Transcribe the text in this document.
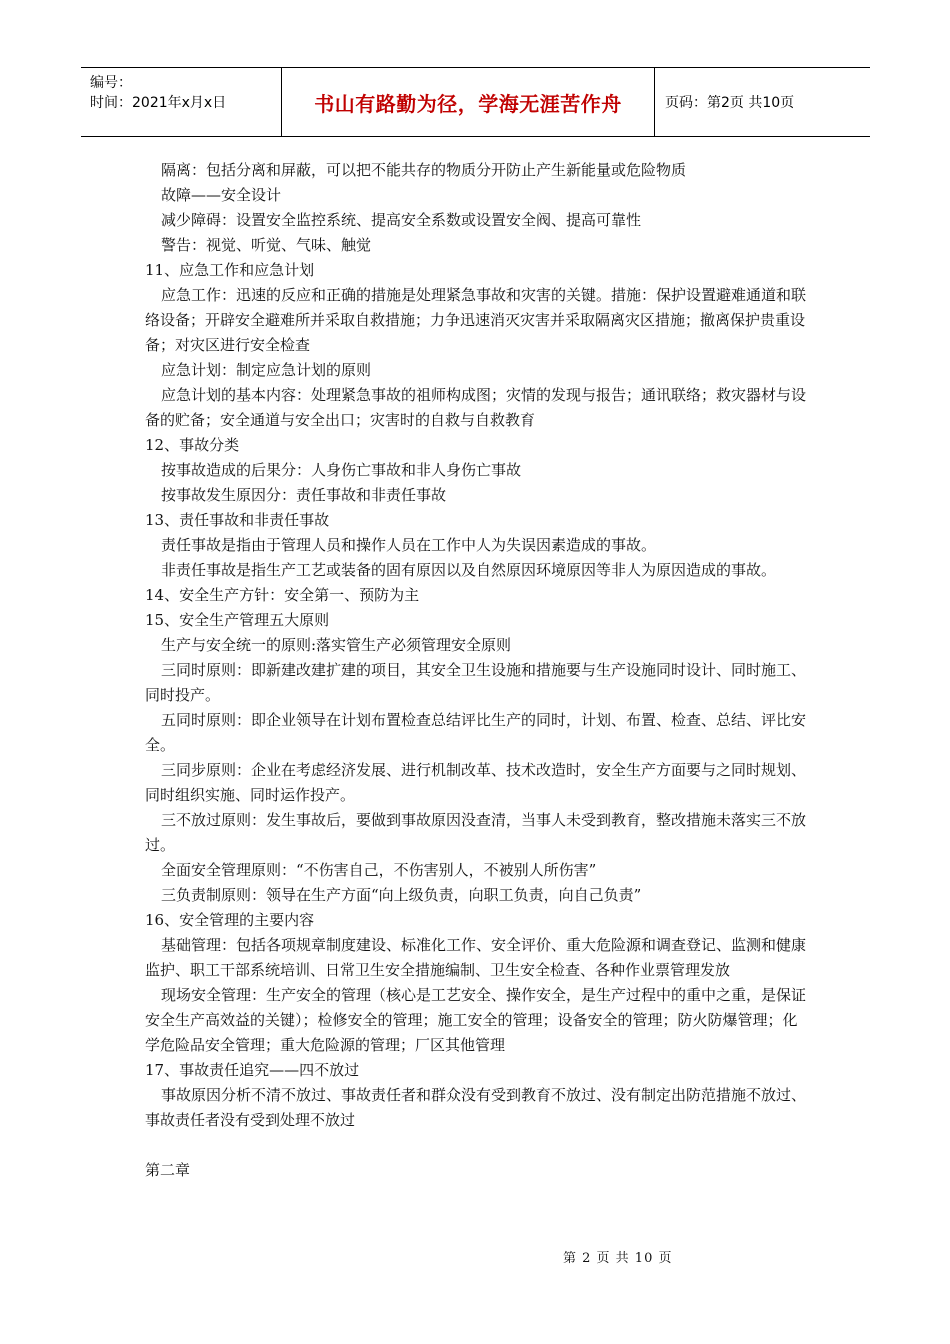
编号：
时间：2021年x月x日	书山有路勤为径，学海无涯苦作舟	页码：第2页 共10页

隔离：包括分离和屏蔽，可以把不能共存的物质分开防止产生新能量或危险物质

故障——安全设计

减少障碍：设置安全监控系统、提高安全系数或设置安全阀、提高可靠性

警告：视觉、听觉、气味、触觉

11、应急工作和应急计划

应急工作：迅速的反应和正确的措施是处理紧急事故和灾害的关键。措施：保护设置避难通道和联络设备；开辟安全避难所并采取自救措施；力争迅速消灭灾害并采取隔离灾区措施；撤离保护贵重设备；对灾区进行安全检查

应急计划：制定应急计划的原则

应急计划的基本内容：处理紧急事故的祖师构成图；灾情的发现与报告；通讯联络；救灾器材与设备的贮备；安全通道与安全出口；灾害时的自救与自救教育

12、事故分类

按事故造成的后果分：人身伤亡事故和非人身伤亡事故

按事故发生原因分：责任事故和非责任事故

13、责任事故和非责任事故

责任事故是指由于管理人员和操作人员在工作中人为失误因素造成的事故。

非责任事故是指生产工艺或装备的固有原因以及自然原因环境原因等非人为原因造成的事故。

14、安全生产方针：安全第一、预防为主

15、安全生产管理五大原则

生产与安全统一的原则:落实管生产必须管理安全原则

三同时原则：即新建改建扩建的项目，其安全卫生设施和措施要与生产设施同时设计、同时施工、同时投产。

五同时原则：即企业领导在计划布置检查总结评比生产的同时，计划、布置、检查、总结、评比安全。

三同步原则：企业在考虑经济发展、进行机制改革、技术改造时，安全生产方面要与之同时规划、同时组织实施、同时运作投产。

三不放过原则：发生事故后，要做到事故原因没查清，当事人未受到教育，整改措施未落实三不放过。

全面安全管理原则：“不伤害自己，不伤害别人，不被别人所伤害”

三负责制原则：领导在生产方面“向上级负责，向职工负责，向自己负责”

16、安全管理的主要内容

基础管理：包括各项规章制度建设、标准化工作、安全评价、重大危险源和调查登记、监测和健康监护、职工干部系统培训、日常卫生安全措施编制、卫生安全检查、各种作业票管理发放

现场安全管理：生产安全的管理（核心是工艺安全、操作安全，是生产过程中的重中之重，是保证安全生产高效益的关键）；检修安全的管理；施工安全的管理；设备安全的管理；防火防爆管理；化学危险品安全管理；重大危险源的管理；厂区其他管理

17、事故责任追究——四不放过

事故原因分析不清不放过、事故责任者和群众没有受到教育不放过、没有制定出防范措施不放过、事故责任者没有受到处理不放过

第二章

第 2 页 共 10 页
